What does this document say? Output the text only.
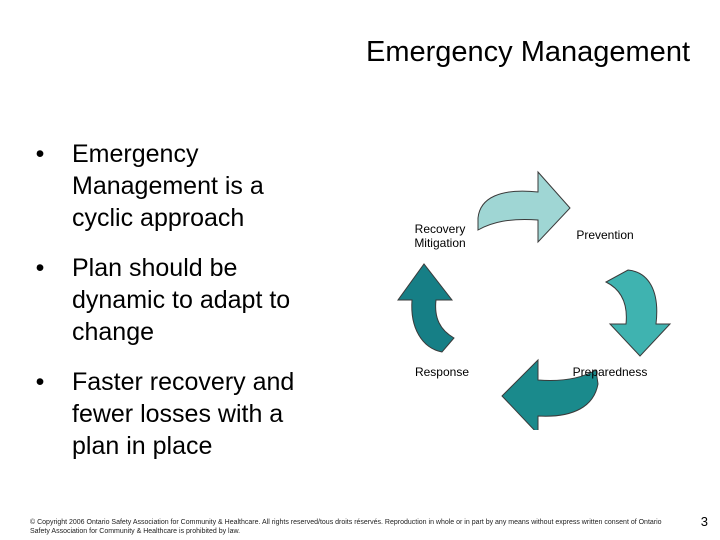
Emergency Management
• Emergency Management is a cyclic approach
• Plan should be dynamic to adapt to change
• Faster recovery and fewer losses with a plan in place
Recovery Mitigation
Prevention
Preparedness
Response
© Copyright 2006 Ontario Safety Association for Community & Healthcare. All rights reserved/tous droits réservés. Reproduction in whole or in part by any means without express written consent of Ontario Safety Association for Community & Healthcare is prohibited by law.
3
